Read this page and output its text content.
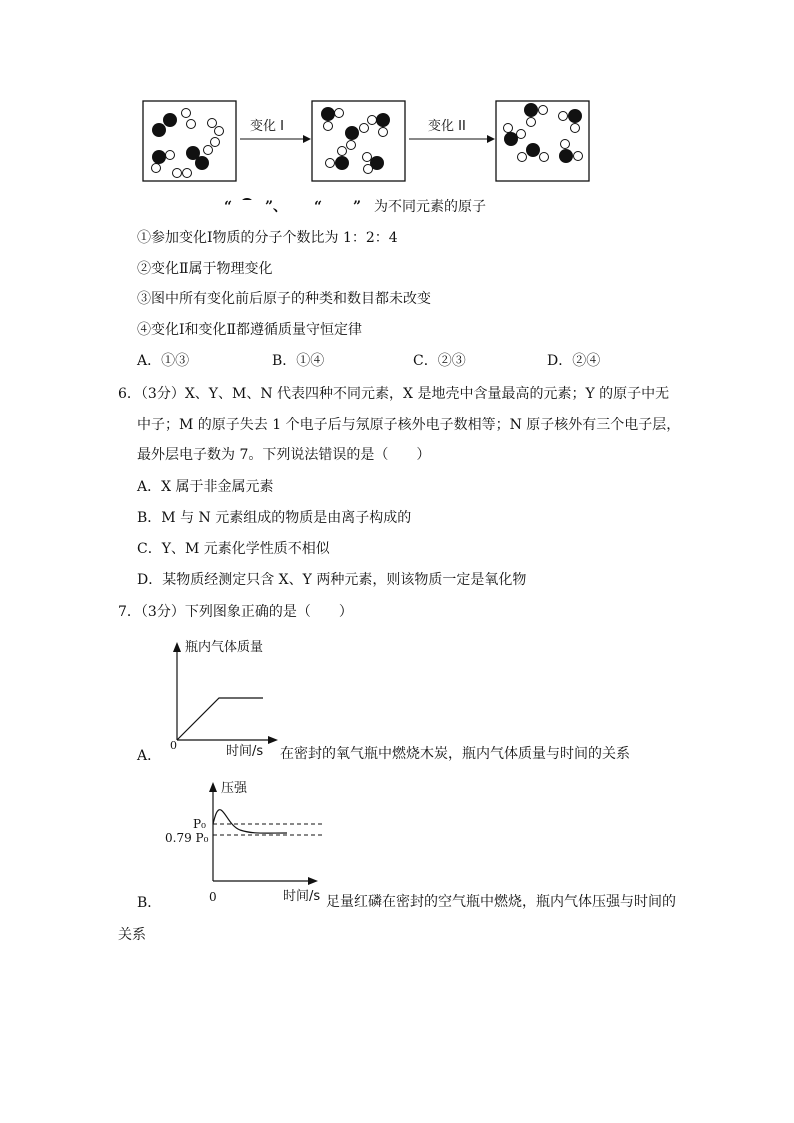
变化 I	变化 II
“ ”、 “ ” 为不同元素的原子
①参加变化Ⅰ物质的分子个数比为 1：2：4
②变化Ⅱ属于物理变化
③图中所有变化前后原子的种类和数目都未改变
④变化Ⅰ和变化Ⅱ都遵循质量守恒定律
A．①③	B．①④	C．②③	D．②④
6．（3分）X、Y、M、N 代表四种不同元素，X 是地壳中含量最高的元素；Y 的原子中无
中子；M 的原子失去 1 个电子后与氖原子核外电子数相等；N 原子核外有三个电子层，
最外层电子数为 7。下列说法错误的是（　　）
A．X 属于非金属元素
B．M 与 N 元素组成的物质是由离子构成的
C．Y、M 元素化学性质不相似
D．某物质经测定只含 X、Y 两种元素，则该物质一定是氧化物
7．（3分）下列图象正确的是（　　）
瓶内气体质量
0	时间/s
A．	在密封的氧气瓶中燃烧木炭，瓶内气体质量与时间的关系
压强
P₀
0.79 P₀
0	时间/s
B．	足量红磷在密封的空气瓶中燃烧，瓶内气体压强与时间的
关系
